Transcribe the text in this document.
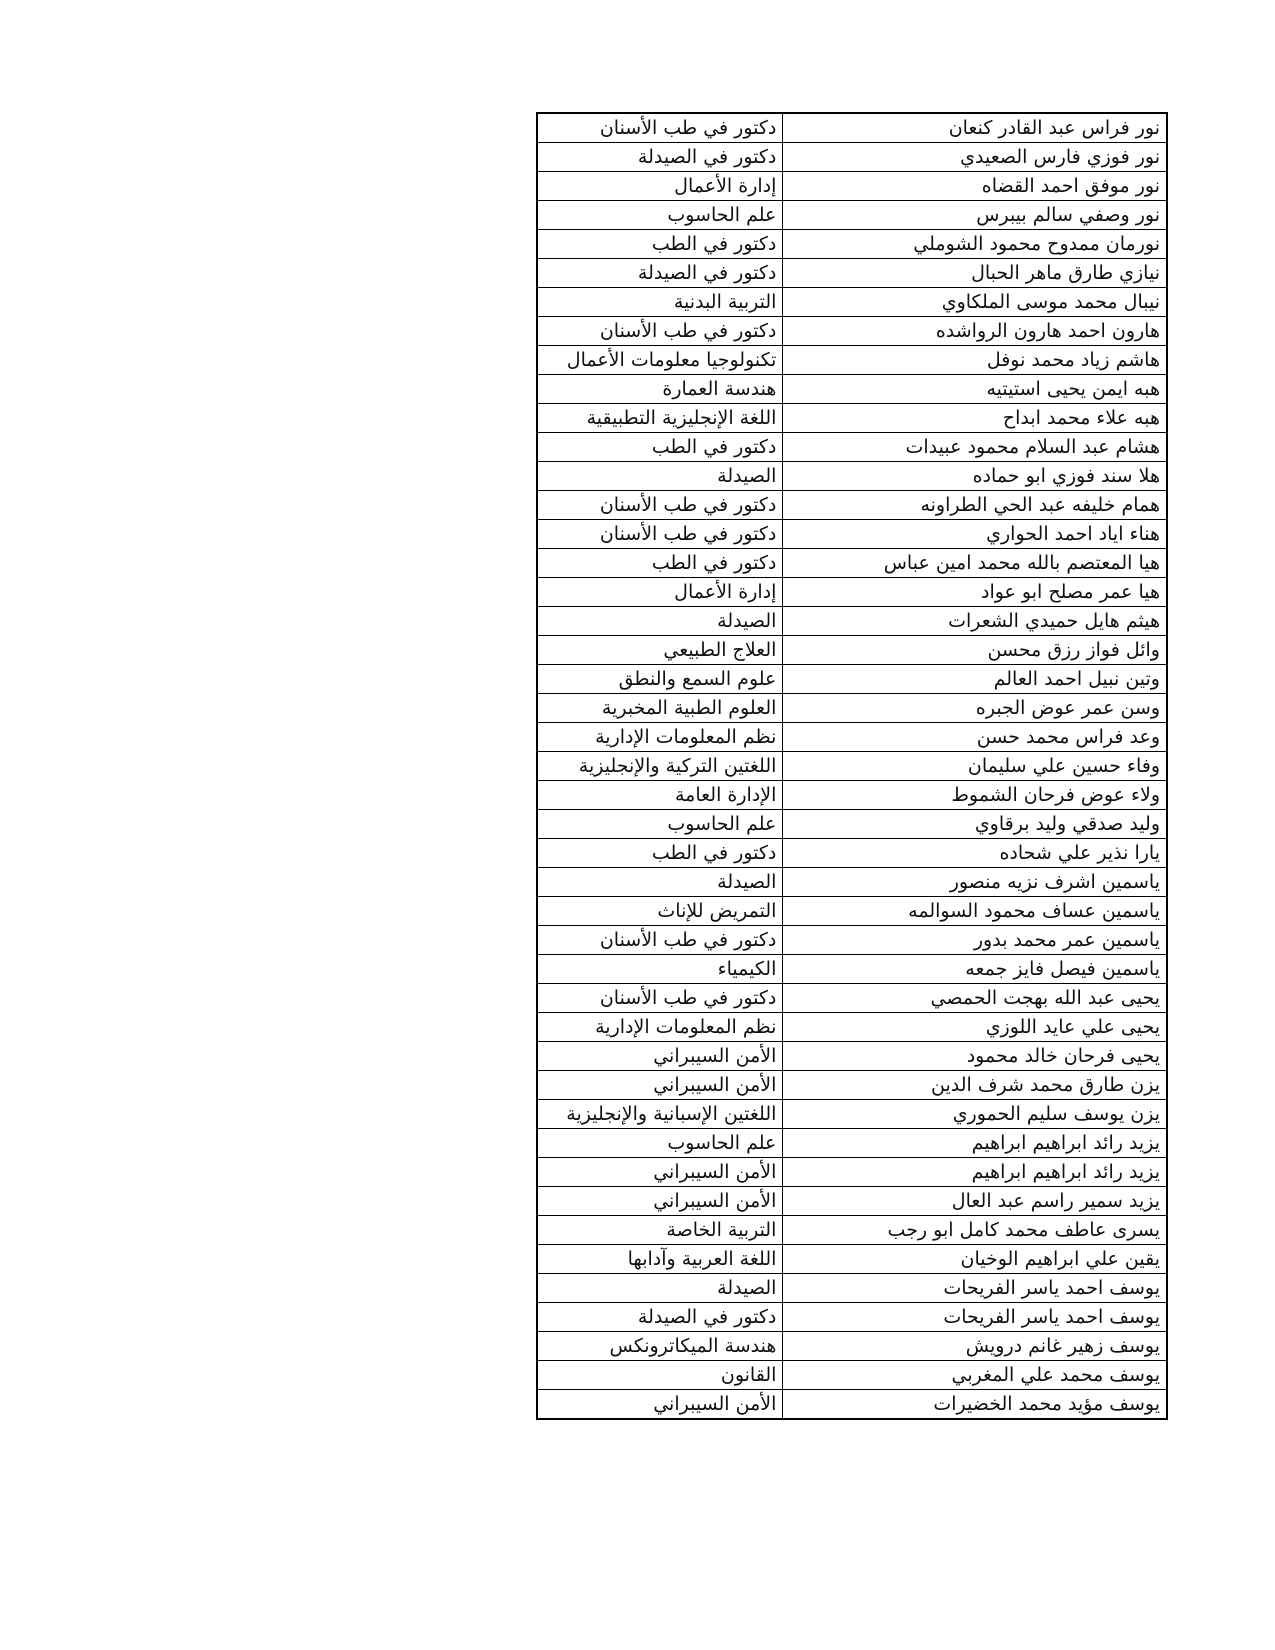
نور فراس عبد القادر كنعان	دكتور في طب الأسنان
نور فوزي فارس الصعيدي	دكتور في الصيدلة
نور موفق احمد القضاه	إدارة الأعمال
نور وصفي سالم بيبرس	علم الحاسوب
نورمان ممدوح محمود الشوملي	دكتور في الطب
نيازي طارق ماهر الحبال	دكتور في الصيدلة
نيبال محمد موسى الملكاوي	التربية البدنية
هارون احمد هارون الرواشده	دكتور في طب الأسنان
هاشم زياد محمد نوفل	تكنولوجيا معلومات الأعمال
هبه ايمن يحيى استيتيه	هندسة العمارة
هبه علاء محمد ابداح	اللغة الإنجليزية التطبيقية
هشام عبد السلام محمود عبيدات	دكتور في الطب
هلا سند فوزي ابو حماده	الصيدلة
همام خليفه عبد الحي الطراونه	دكتور في طب الأسنان
هناء اياد احمد الحواري	دكتور في طب الأسنان
هيا المعتصم بالله محمد امين عباس	دكتور في الطب
هيا عمر مصلح ابو عواد	إدارة الأعمال
هيثم هايل حميدي الشعرات	الصيدلة
وائل فواز رزق محسن	العلاج الطبيعي
وتين نبيل احمد العالم	علوم السمع والنطق
وسن عمر عوض الجبره	العلوم الطبية المخبرية
وعد فراس محمد حسن	نظم المعلومات الإدارية
وفاء حسين علي سليمان	اللغتين التركية والإنجليزية
ولاء عوض فرحان الشموط	الإدارة العامة
وليد صدقي وليد برقاوي	علم الحاسوب
يارا نذير علي شحاده	دكتور في الطب
ياسمين اشرف نزيه منصور	الصيدلة
ياسمين عساف محمود السوالمه	التمريض للإناث
ياسمين عمر محمد بدور	دكتور في طب الأسنان
ياسمين فيصل فايز جمعه	الكيمياء
يحيى عبد الله بهجت الحمصي	دكتور في طب الأسنان
يحيى علي عايد اللوزي	نظم المعلومات الإدارية
يحيى فرحان خالد محمود	الأمن السيبراني
يزن طارق محمد شرف الدين	الأمن السيبراني
يزن يوسف سليم الحموري	اللغتين الإسبانية والإنجليزية
يزيد رائد ابراهيم ابراهيم	علم الحاسوب
يزيد رائد ابراهيم ابراهيم	الأمن السيبراني
يزيد سمير راسم عبد العال	الأمن السيبراني
يسرى عاطف محمد كامل ابو رجب	التربية الخاصة
يقين علي ابراهيم الوخيان	اللغة العربية وآدابها
يوسف احمد ياسر الفريحات	الصيدلة
يوسف احمد ياسر الفريحات	دكتور في الصيدلة
يوسف زهير غانم درويش	هندسة الميكاترونكس
يوسف محمد علي المغربي	القانون
يوسف مؤيد محمد الخضيرات	الأمن السيبراني
